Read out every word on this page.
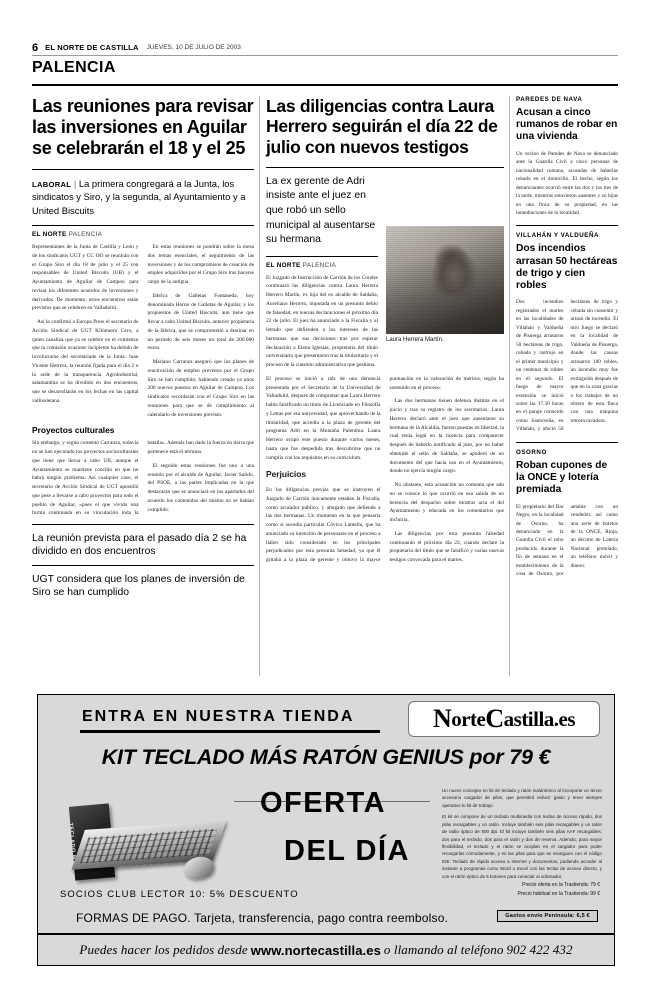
6 EL NORTE DE CASTILLA JUEVES, 10 DE JULIO DE 2003
PALENCIA
Las reuniones para revisar las inversiones en Aguilar se celebrarán el 18 y el 25
LABORAL | La primera congregará a la Junta, los sindicatos y Siro, y la segunda, al Ayuntamiento y a United Biscuits
EL NORTE PALENCIA

Representantes de la Junta de Castilla y León y de los sindicatos UGT y CC OO se reunirán con el Grupo Siro el día 18 de julio y el 25 con responsables de United Biscuits (UB) y el Ayuntamiento de Aguilar de Campoo para revisar los diferentes acuerdos de inversiones y derivados. De momento, estos encuentros están previstos que se celebren en Valladolid.

Así lo confirmó a Europa Press el secretario de Acción Sindical de UGT Kilómetro Cero, a quien canaliza que ya se celebre en el comienzo que la comisión ocasione incipiente ha debido de involucrarse del secretariado de la Junta. Juan Vicente Herrera, la reunión fijada para el día 2 o la sede de la transparencia Agroindustrial, salamantina se ha dividido en dos encuentros, que se desarrollarán en los fechas en las capital vallisoletana.

En estas reuniones se pondrán sobre la mesa dos temas esenciales, el seguimiento de las inversiones y de los compromisos de creación de empleo adquiridos por el Grupo Siro tras hacerse cargo de la antigua

fábrica de Galletas Fontaneda, hoy denominada Horno de Galletas de Aguilar, y los propuestos de United Biscuits, aun tiene que llevar a cabo United Biscuits, anterior propietaria de la fábrica, que se comprometió a destinar en un periodo de seis meses un total de 200.000 euros.

Mariano Carranza aseguró que los planes de reactivación de empleo previstos por el Grupo Siro se han cumplido, habiendo creado ya unos 200 nuevos puestos en Aguilar de Campoo. Los sindicatos recordarán con el Grupo Siro en las reuniones para que se dé cumplimiento al calendario de inversiones previsto.

Proyectos culturales

Sin embargo, y según comentó Carranza, todavía no se han ejecutado los proyectos socioculturales que tiene que llevar a cabo UB, aunque el Ayuntamiento se mantiene concilio en que no habrá ningún problema. Así cualquier caso, el secretario de Acción Sindical de UGT apostilló que pese a llevarse a cabo proyectos para todo el pueblo de Aguilar, «pues el que vivido una forma continuada en su vinculación toda la batalla». Además han dado la fuerza en tierra que pertenece está el término.

El seguido estas reuniones fue uno a una reunión por el alcalde de Aguilar, Javier Salido, del PSOE, a las partes implicadas en la que destacarán que se anunciará en los apartados del acuerdo los contenidos del mismo no se habían cumplido.

La reunión prevista para el pasado día 2 se ha dividido en dos encuentros
UGT considera que los planes de inversión de Siro se han cumplido
Las diligencias contra Laura Herrero seguirán el día 22 de julio con nuevos testigos
La ex gerente de Adri insiste ante el juez en que robó un sello municipal al ausentarse su hermana
EL NORTE PALENCIA

El Juzgado de Instrucción de Carrión de los Condes continuará las diligencias contra Laura Herrera Herrero Martín, ex hija del ex alcalde de Saldaña, Aureliano Herrero, imputada en un presunto delito de falsedad, en nuevas declaraciones el próximo día 22 de julio. El juez ha anunciado a la Fiscalía y al letrado que defienden a los intereses de las hermanas que sus decisiones tras por esperar declaración a Elena Iglesias, propietaria del título universitario que presentaron tras la titularitaria y el proceso de la cuestión administrativa que gestiona.

El proceso se inició a raíz de una denuncia presentada por el Secretario de la Universidad de Valladolid, después de comprobar que Laura Herrero había falsificado un título de Licenciado en Filosofía y Letras por esa universidad, que aprovechando de la titularidad, que accedía a la plaza de gerente del programa Adri en la Montaña Palentina. Laura Herrero ocupó este puesto durante varios meses, hasta que fue despedida tras descubrirse que no cumplía con los requisitos en su curriculum.

Perjuicios

En las diligencias previas que se instruyen el Juzgado de Carrión únicamente estaban la Fiscalía, como acusador público, y abogado que defiende a las dos hermanas. Un momento en la que pensaría como si sucedía particular Cóvico Lamella, que ha anunciado su intención de personarse en el proceso a llaber sido considerado en los principales perjudicados por esta presunta falsedad, ya que él gritaba a la plaza de gerente y obtuvo la mayor puntuación en la valoración de méritos, según ha sostenido en el proceso.

Las dos hermanas tienen defensa distinta en el juicio y tras su registro de los secretarios. Laura Herrero declaró ante el juez que ausentarse su hermana de la Alcaldía, fueron puestas en libertad, la cual tenía legal en la licencia para comparecer después de haberlo notificado al juez, por no haber obtenido el sello de Saldaña, se apoderó de un documento del que hacía uso en el Ayuntamiento, donde no ejercía ningún cargo.

No obstante, esta acusación no comenta que aún no se conoce lo que ocurrió en esa salida de un herencia del despacho sobre mostrar acta el del Ayuntamiento y educada en los comentarios que incluiría.

Las diligencias por esta presunta falsedad continuarán el próximo día 22, cuando declare la propietaria del título que se falsificó y varias nuevas testigos convocada para el martes.

Laura Herrera Martín.
PAREDES DE NAVA
Acusan a cinco rumanos de robar en una vivienda

Un vecino de Paredes de Nava se denunciado ante la Guardia Civil a cinco personas de nacionalidad rumana, acusadas de haberlas robado en el domicilio. El hecho, según los denunciantes ocurrió entre las dos y las tres de la tarde, mientras estuvieron ausentes y su hijas en una finca de su propiedad, en las inmediaciones de la localidad.

VILLAHÁN Y VALDUEÑA
Dos incendios arrasan 50 hectáreas de trigo y cien robles

Dos incendios registrados el martes en las localidades de Villahán y Valdueña de Pisuerga arrasaron 50 hectáreas de trigo, cebada y rastrojo en el primer municipio y un centenar de robles en el segundo. El fuego de mayor extensión se inició sobre las 17.30 horas en el paraje conocido como Santoveña, en Villahán, y afectó 50 hectáreas de trigo y cebada sin consentir y arrasó de incendio. El otro fuego se declaró en la localidad de Valdueña de Pisuerga, donde las causas arrasaron 100 robles, un incendio muy fue extinguido después de que en la zona gracias a los trabajos de un obrero de esta finca con una máquina retroexcavadora.

OSORNO
Roban cupones de la ONCE y lotería premiada

El propietario del Bar Negro, en la localidad de Osorno, ha denunciado en la Guardia Civil el robo producido durante la fin de semana en el establecimiento de la cosa de Osorno, por amable con un vendedor, así como una serie de boletos de la ONCE, Rioja, un décimo de Lotería Nacional premiado, un teléfono móvil y dinero.

ENTRA EN NUESTRA TIENDA	N orte C astilla.es
KIT TECLADO MÁS RATÓN GENIUS por 79 €
TECLADO MÁS
OFERTA
DEL DÍA

Un nuevo concepto en kit de teclado y ratón inalámbrico al incorporar un tercer accesorio cargador de pilas, que permitirá reducir gasto y tener siempre operativo tu kit de trabajo.

El kit se compone de un teclado multimedia con teclas de acceso rápido, dos pilas recargables y un ratón. Incluye también seis pilas recargables y un ratón de radio óptico de 800 dpi. El kit incluye también seis pilas AAF recargables; dos para el teclado, dos para el ratón y dos de reserva. Además, para mayor flexibilidad, el teclado y el ratón se acoplan en el cargador para poder recargarlas cómodamente, y en las pilas para que se recarguen con el código IDE. Teclado de rápido acceso a Internet y documentos, pudiendo acceder al instante a programas como Word o Excel con las teclas de acceso directo, y con el ratón óptico de 5 botones para conectar al ordenador.

Precio oferta en la Trastienda: 79 €
Precio habitual en la Trastienda: 99 €
SOCIOS CLUB LECTOR 10: 5% DESCUENTO
FORMAS DE PAGO. Tarjeta, transferencia, pago contra reembolso.	Gastos envío Península: 6,5 €
Puedes hacer los pedidos desde www.nortecastilla.es o llamando al teléfono 902 422 432
